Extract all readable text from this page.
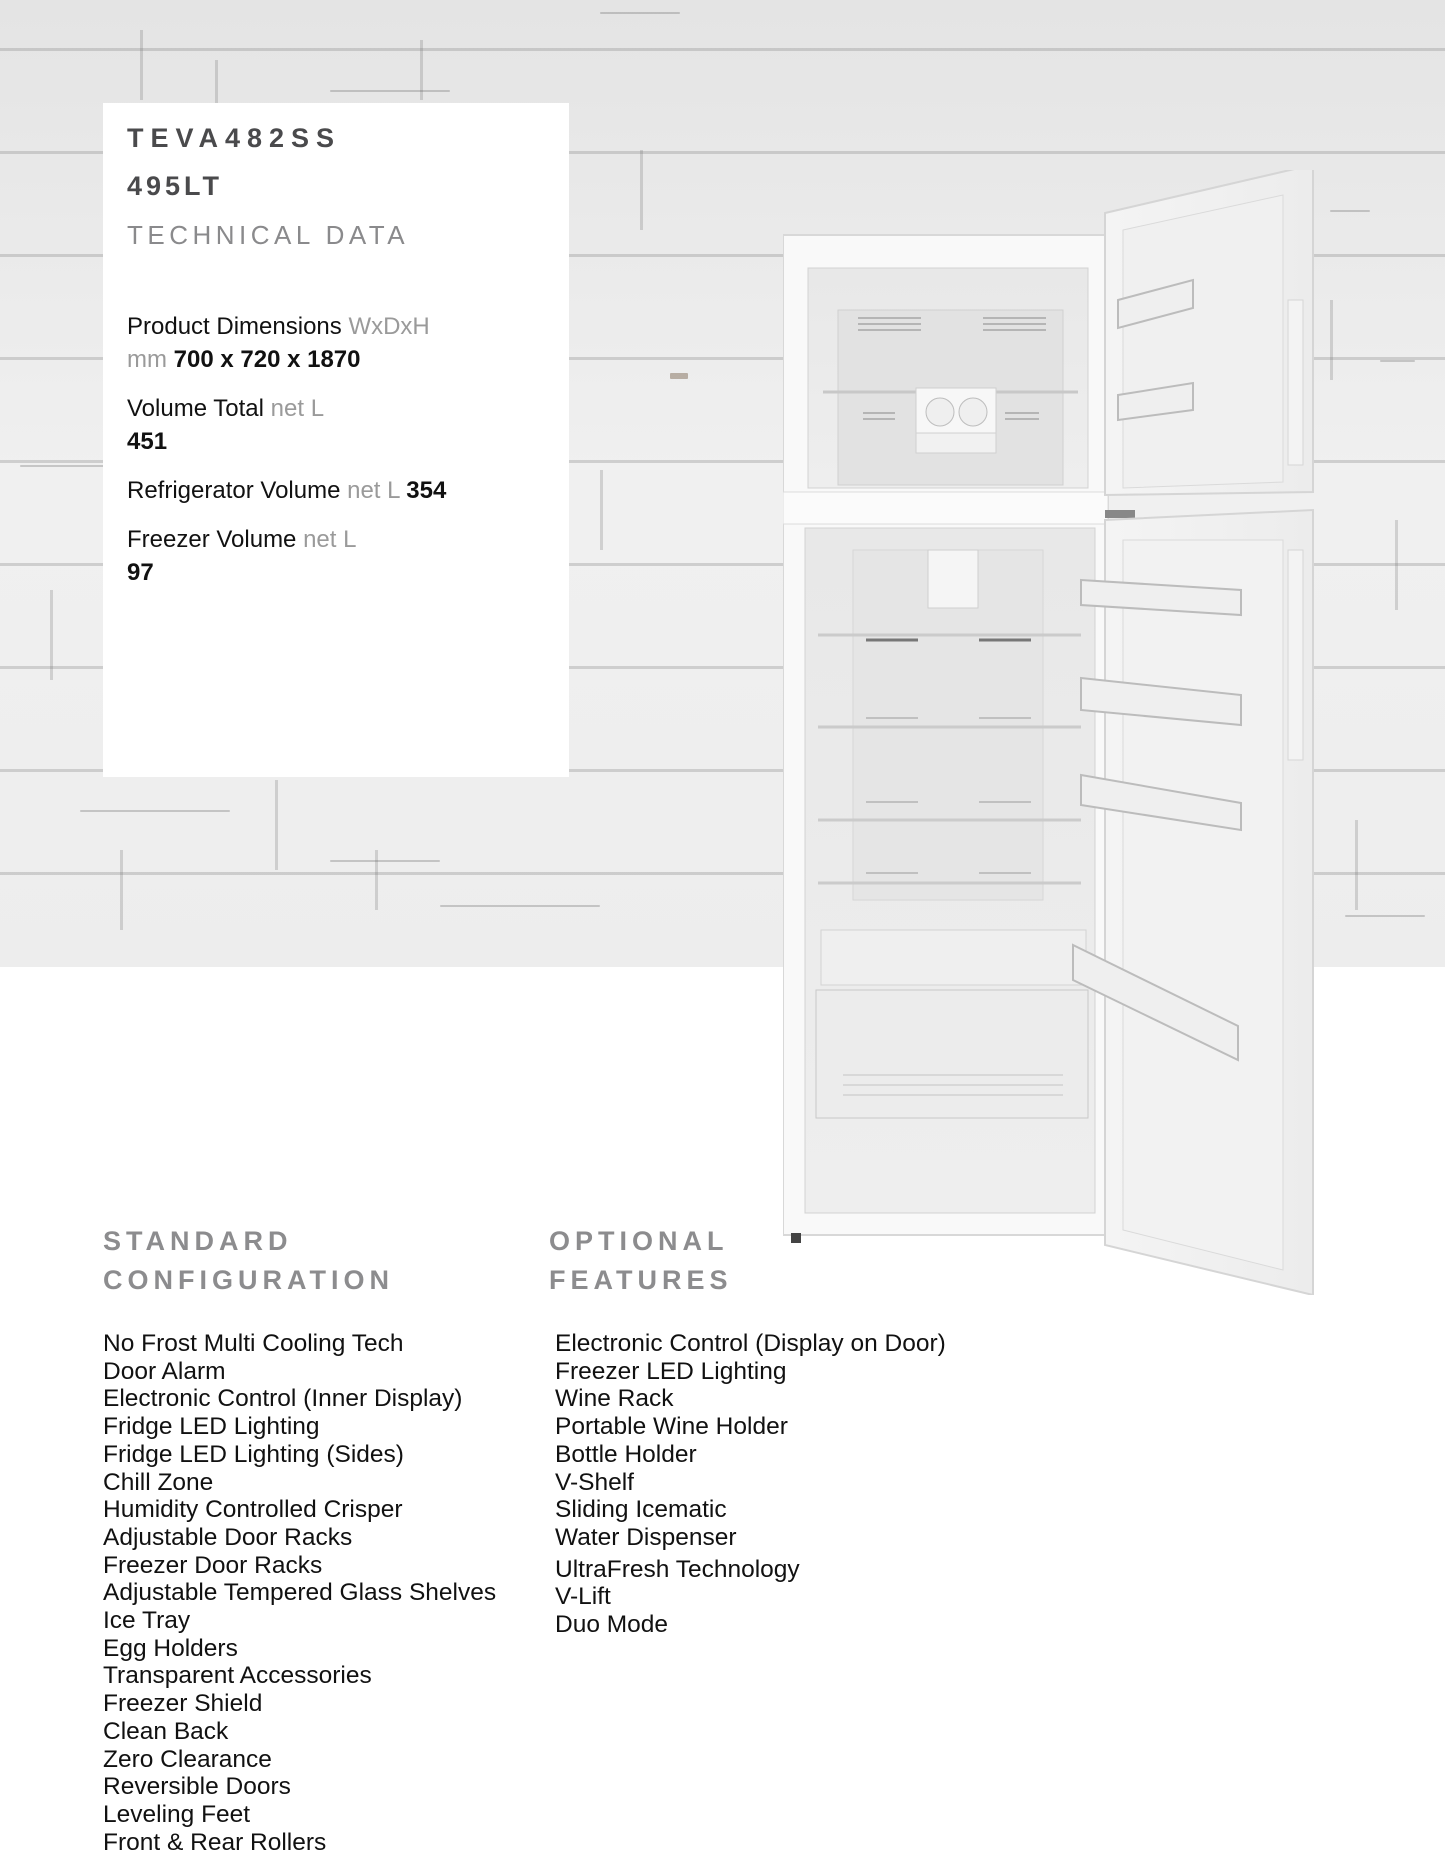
TEVA482SS
495LT
TECHNICAL DATA
Product Dimensions WxDxH
mm 700 x 720 x 1870
Volume Total net L
451
Refrigerator Volume net L 354
Freezer Volume net L
97
STANDARD
CONFIGURATION
No Frost Multi Cooling Tech
Door Alarm
Electronic Control (Inner Display)
Fridge LED Lighting
Fridge LED Lighting (Sides)
Chill Zone
Humidity Controlled Crisper
Adjustable Door Racks
Freezer Door Racks
Adjustable Tempered Glass Shelves
Ice Tray
Egg Holders
Transparent Accessories
Freezer Shield
Clean Back
Zero Clearance
Reversible Doors
Leveling Feet
Front & Rear Rollers
OPTIONAL
FEATURES
Electronic Control (Display on Door)
Freezer LED Lighting
Wine Rack
Portable Wine Holder
Bottle Holder
V-Shelf
Sliding Icematic
Water Dispenser
UltraFresh Technology
V-Lift
Duo Mode
